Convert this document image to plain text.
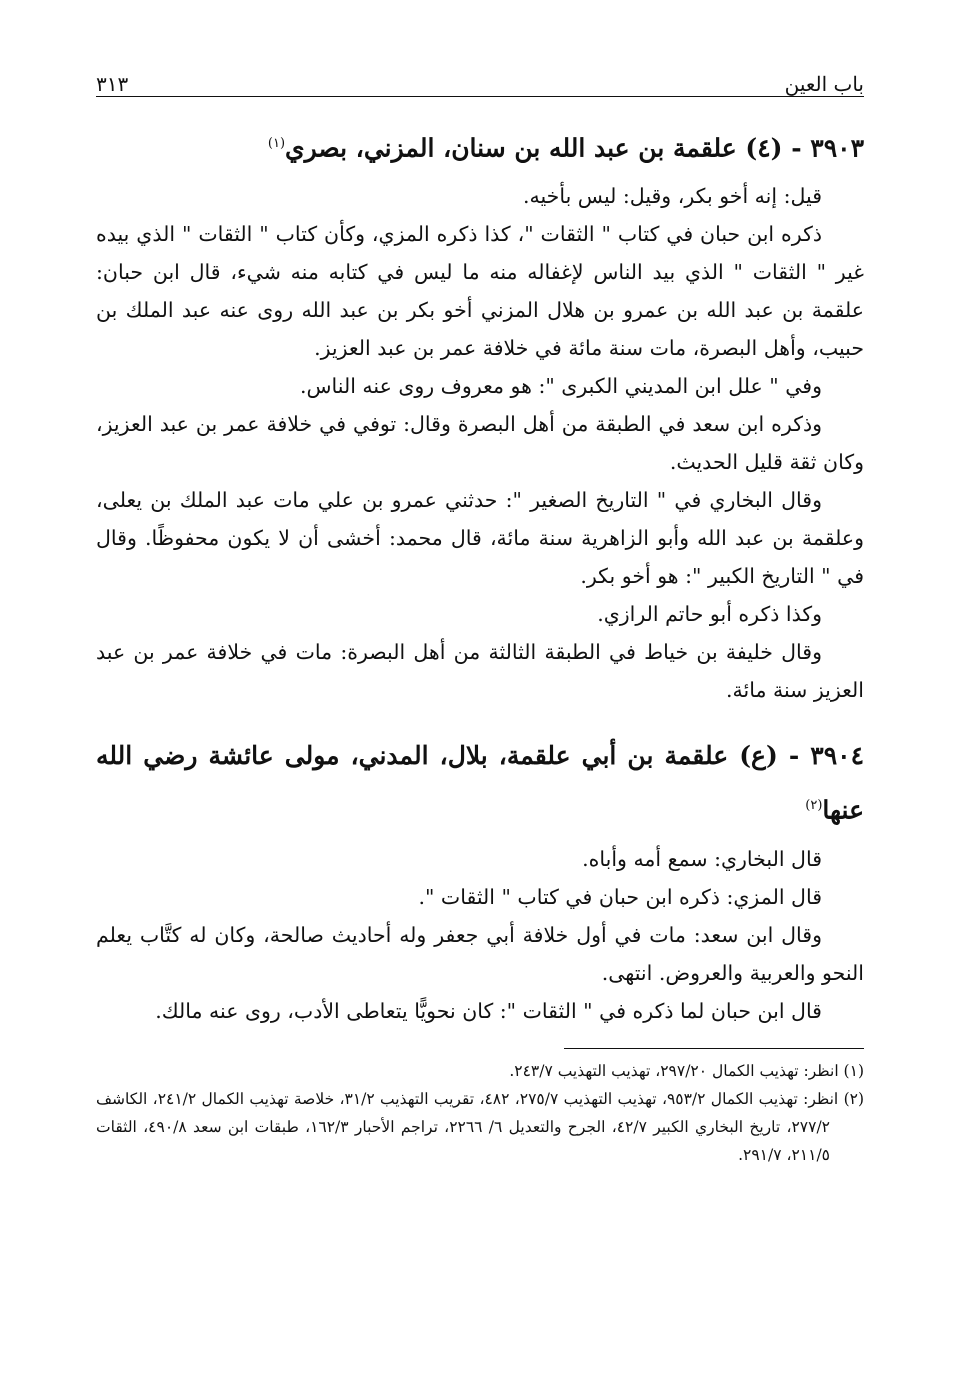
باب العين
٣١٣
٣٩٠٣ - (٤) علقمة بن عبد الله بن سنان، المزني، بصري$^{(١)}$

قيل: إنه أخو بكر، وقيل: ليس بأخيه.

ذكره ابن حبان في كتاب " الثقات "، كذا ذكره المزي، وكأن كتاب " الثقات " الذي بيده غير " الثقات " الذي بيد الناس لإغفاله منه ما ليس في كتابه منه شيء، قال ابن حبان: علقمة بن عبد الله بن عمرو بن هلال المزني أخو بكر بن عبد الله روى عنه عبد الملك بن حبيب، وأهل البصرة، مات سنة مائة في خلافة عمر بن عبد العزيز.

وفي " علل ابن المديني الكبرى ": هو معروف روى عنه الناس.

وذكره ابن سعد في الطبقة من أهل البصرة وقال: توفي في خلافة عمر بن عبد العزيز، وكان ثقة قليل الحديث.

وقال البخاري في " التاريخ الصغير ": حدثني عمرو بن علي مات عبد الملك بن يعلى، وعلقمة بن عبد الله وأبو الزاهرية سنة مائة، قال محمد: أخشى أن لا يكون محفوظًا. وقال في " التاريخ الكبير ": هو أخو بكر.

وكذا ذكره أبو حاتم الرازي.

وقال خليفة بن خياط في الطبقة الثالثة من أهل البصرة: مات في خلافة عمر بن عبد العزيز سنة مائة.

٣٩٠٤ - (ع) علقمة بن أبي علقمة، بلال، المدني، مولى عائشة رضي الله عنها$^{(٢)}$

قال البخاري: سمع أمه وأباه.

قال المزي: ذكره ابن حبان في كتاب " الثقات ".

وقال ابن سعد: مات في أول خلافة أبي جعفر وله أحاديث صالحة، وكان له كتَّاب يعلم النحو والعربية والعروض. انتهى.

قال ابن حبان لما ذكره في " الثقات ": كان نحويًّا يتعاطى الأدب، روى عنه مالك.

(١) انظر: تهذيب الكمال ٢٩٧/٢٠، تهذيب التهذيب ٢٤٣/٧.

(٢) انظر: تهذيب الكمال ٩٥٣/٢، تهذيب التهذيب ٢٧٥/٧، ٤٨٢، تقريب التهذيب ٣١/٢، خلاصة تهذيب الكمال ٢٤١/٢، الكاشف ٢٧٧/٢، تاريخ البخاري الكبير ٤٢/٧، الجرح والتعديل ٦/ ٢٢٦٦، تراجم الأحبار ١٦٢/٣، طبقات ابن سعد ٤٩٠/٨، الثقات ٢١١/٥، ٢٩١/٧.
